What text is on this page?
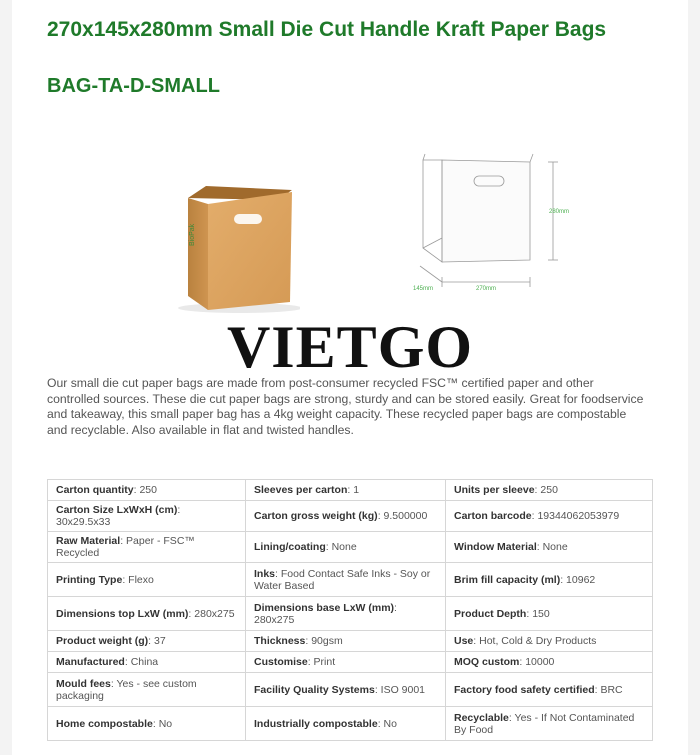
270x145x280mm Small Die Cut Handle Kraft Paper Bags
BAG-TA-D-SMALL
BioPak
280mm
145mm	270mm
VIETGO

Our small die cut paper bags are made from post-consumer recycled FSC™ certified paper and other controlled sources. These die cut paper bags are strong, sturdy and can be stored easily. Great for foodservice and takeaway, this small paper bag has a 4kg weight capacity. These recycled paper bags are compostable and recyclable. Also available in flat and twisted handles.

Carton quantity: 250	Sleeves per carton: 1	Units per sleeve: 250
Carton Size LxWxH (cm): 30x29.5x33	Carton gross weight (kg): 9.500000	Carton barcode: 19344062053979
Raw Material: Paper - FSC™ Recycled	Lining/coating: None	Window Material: None
Printing Type: Flexo	Inks: Food Contact Safe Inks - Soy or Water Based	Brim fill capacity (ml): 10962
Dimensions top LxW (mm): 280x275	Dimensions base LxW (mm): 280x275	Product Depth: 150
Product weight (g): 37	Thickness: 90gsm	Use: Hot, Cold & Dry Products
Manufactured: China	Customise: Print	MOQ custom: 10000
Mould fees: Yes - see custom packaging	Facility Quality Systems: ISO 9001	Factory food safety certified: BRC
Home compostable: No	Industrially compostable: No	Recyclable: Yes - If Not Contaminated By Food
